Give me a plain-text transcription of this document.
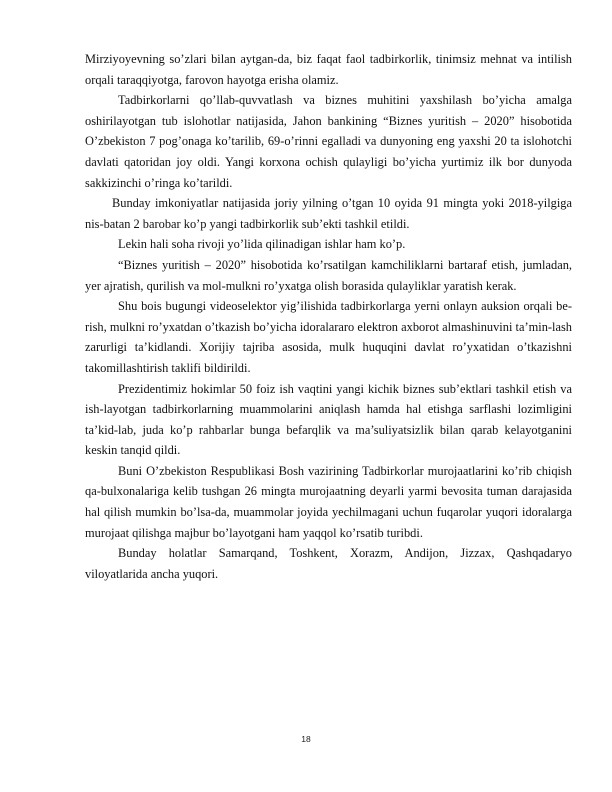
Mirziyoyevning so’zlari bilan aytgan-da, biz faqat faol tadbirkorlik, tinimsiz mehnat va intilish orqali taraqqiyotga, farovon hayotga erisha olamiz.

Tadbirkorlarni qo’llab-quvvatlash va biznes muhitini yaxshilash bo’yicha amalga oshirilayotgan tub islohotlar natijasida, Jahon bankining “Biznes yuritish – 2020” hisobotida O’zbekiston 7 pog’onaga ko’tarilib, 69-o’rinni egalladi va dunyoning eng yaxshi 20 ta islohotchi davlati qatoridan joy oldi. Yangi korxona ochish qulayligi bo’yicha yurtimiz ilk bor dunyoda sakkizinchi o’ringa ko’tarildi.

Bunday imkoniyatlar natijasida joriy yilning o’tgan 10 oyida 91 mingta yoki 2018-yilgiga nis-batan 2 barobar ko’p yangi tadbirkorlik sub’ekti tashkil etildi.

Lekin hali soha rivoji yo’lida qilinadigan ishlar ham ko’p.

“Biznes yuritish – 2020” hisobotida ko’rsatilgan kamchiliklarni bartaraf etish, jumladan, yer ajratish, qurilish va mol-mulkni ro’yxatga olish borasida qulayliklar yaratish kerak.

Shu bois bugungi videoselektor yig’ilishida tadbirkorlarga yerni onlayn auksion orqali be-rish, mulkni ro’yxatdan o’tkazish bo’yicha idoralararo elektron axborot almashinuvini ta’min-lash zarurligi ta’kidlandi. Xorijiy tajriba asosida, mulk huquqini davlat ro’yxatidan o’tkazishni takomillashtirish taklifi bildirildi.

Prezidentimiz hokimlar 50 foiz ish vaqtini yangi kichik biznes sub’ektlari tashkil etish va ish-layotgan tadbirkorlarning muammolarini aniqlash hamda hal etishga sarflashi lozimligini ta’kid-lab, juda ko’p rahbarlar bunga befarqlik va ma’suliyatsizlik bilan qarab kelayotganini keskin tanqid qildi.

Buni O’zbekiston Respublikasi Bosh vazirining Tadbirkorlar murojaatlarini ko’rib chiqish qa-bulxonalariga kelib tushgan 26 mingta murojaatning deyarli yarmi bevosita tuman darajasida hal qilish mumkin bo’lsa-da, muammolar joyida yechilmagani uchun fuqarolar yuqori idoralarga murojaat qilishga majbur bo’layotgani ham yaqqol ko’rsatib turibdi.

Bunday holatlar Samarqand, Toshkent, Xorazm, Andijon, Jizzax, Qashqadaryo viloyatlarida ancha yuqori.

18
